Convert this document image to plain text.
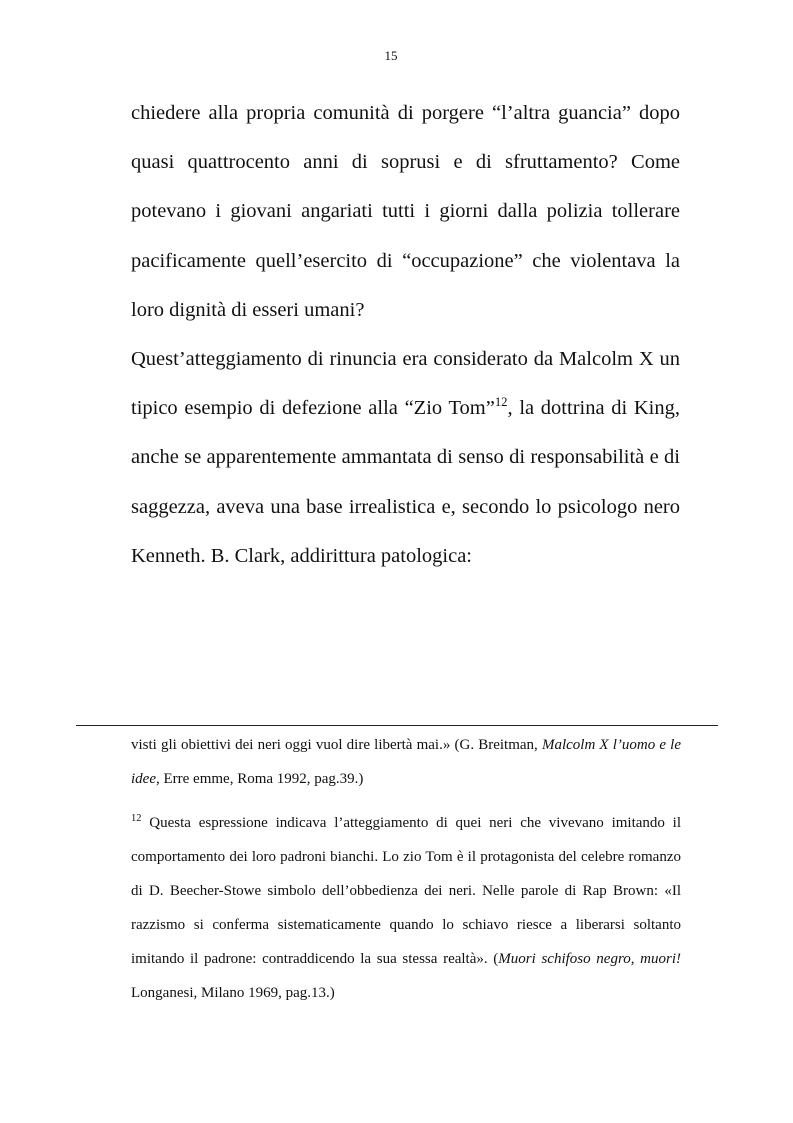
15

chiedere alla propria comunità di porgere “l’altra guancia” dopo quasi quattrocento anni di soprusi e di sfruttamento? Come potevano i giovani angariati tutti i giorni dalla polizia tollerare pacificamente quell’esercito di “occupazione” che violentava la loro dignità di esseri umani?

Quest’atteggiamento di rinuncia era considerato da Malcolm X un tipico esempio di defezione alla “Zio Tom”$^{12}$, la dottrina di King, anche se apparentemente ammantata di senso di responsabilità e di saggezza, aveva una base irrealistica e, secondo lo psicologo nero Kenneth. B. Clark, addirittura patologica:

visti gli obiettivi dei neri oggi vuol dire libertà mai.» (G. Breitman, Malcolm X l’uomo e le idee, Erre emme, Roma 1992, pag.39.)

$^{12}$ Questa espressione indicava l’atteggiamento di quei neri che vivevano imitando il comportamento dei loro padroni bianchi. Lo zio Tom è il protagonista del celebre romanzo di D. Beecher-Stowe simbolo dell’obbedienza dei neri. Nelle parole di Rap Brown: «Il razzismo si conferma sistematicamente quando lo schiavo riesce a liberarsi soltanto imitando il padrone: contraddicendo la sua stessa realtà». (Muori schifoso negro, muori! Longanesi, Milano 1969, pag.13.)
